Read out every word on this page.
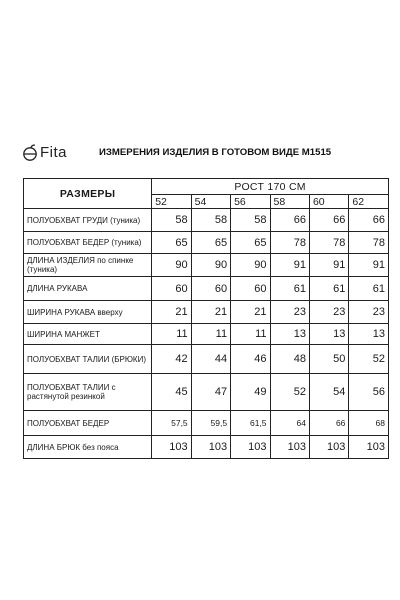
Fita	ИЗМЕРЕНИЯ ИЗДЕЛИЯ В ГОТОВОМ ВИДЕ М1515
РАЗМЕРЫ	РОСТ 170 СМ					
	52	54	56	58	60	62
ПОЛУОБХВАТ ГРУДИ (туника)	58	58	58	66	66	66
ПОЛУОБХВАТ БЕДЕР (туника)	65	65	65	78	78	78
ДЛИНА ИЗДЕЛИЯ по спинке (туника)	90	90	90	91	91	91
ДЛИНА РУКАВА	60	60	60	61	61	61
ШИРИНА РУКАВА вверху	21	21	21	23	23	23
ШИРИНА МАНЖЕТ	11	11	11	13	13	13
ПОЛУОБХВАТ ТАЛИИ (БРЮКИ)	42	44	46	48	50	52
ПОЛУОБХВАТ ТАЛИИ с растянутой резинкой	45	47	49	52	54	56
ПОЛУОБХВАТ БЕДЕР	57,5	59,5	61,5	64	66	68
ДЛИНА БРЮК без пояса	103	103	103	103	103	103
